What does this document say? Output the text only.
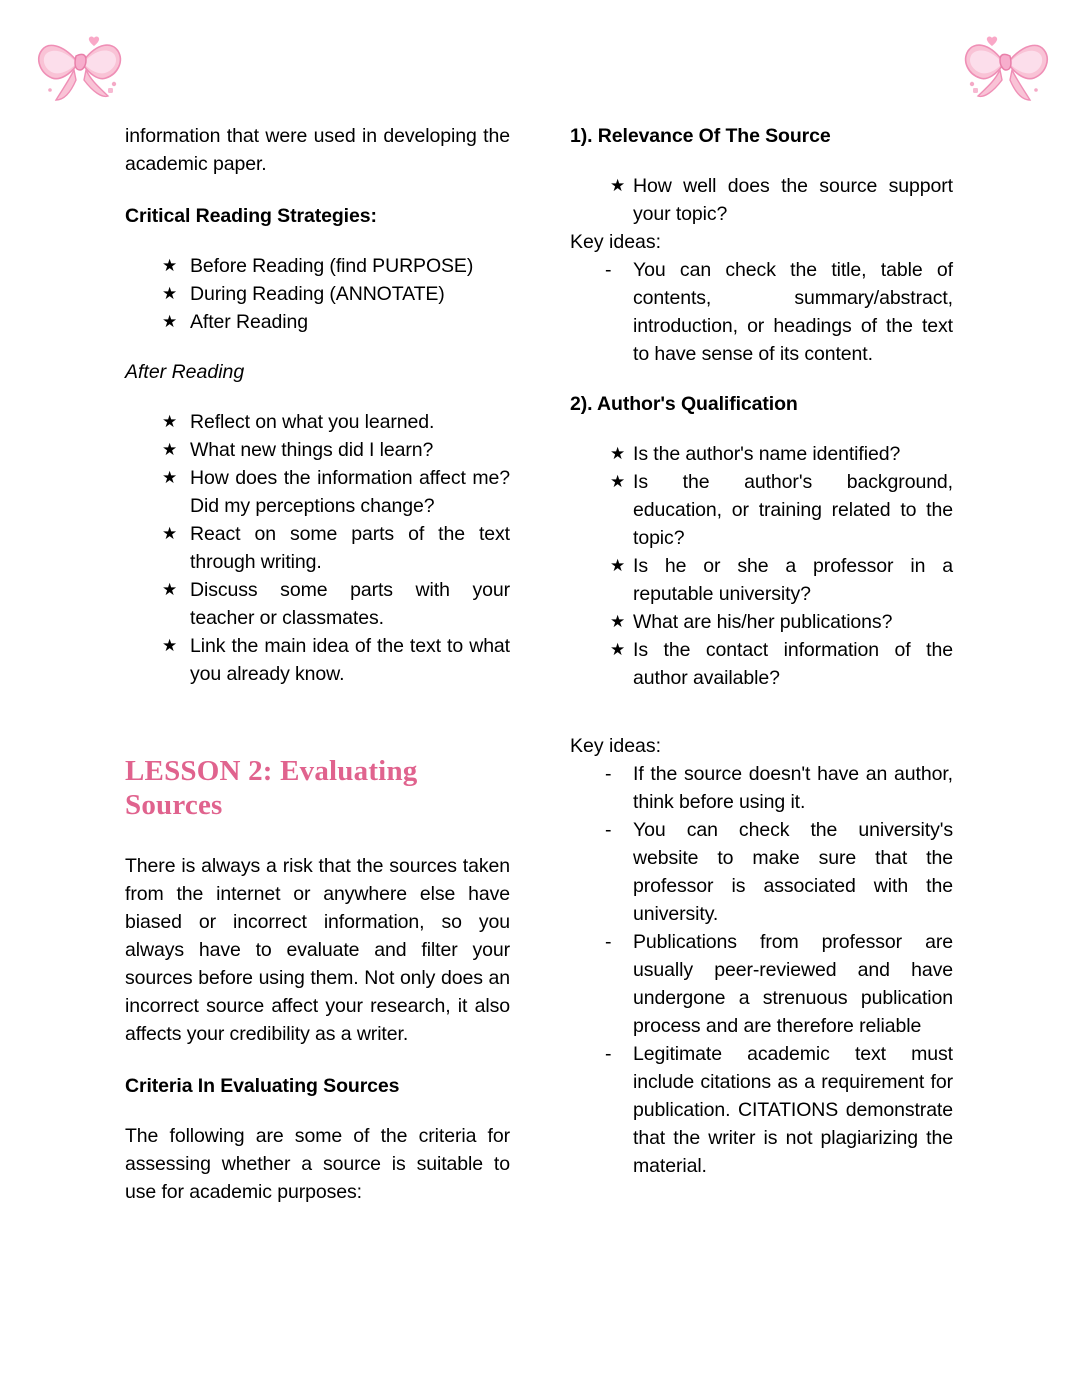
information that were used in developing the academic paper.

Critical Reading Strategies:
★ Before Reading (find PURPOSE)
★ During Reading (ANNOTATE)
★ After Reading
After Reading
★ Reflect on what you learned.
★ What new things did I learn?
★ How does the information affect me? Did my perceptions change?
★ React on some parts of the text through writing.
★ Discuss some parts with your teacher or classmates.
★ Link the main idea of the text to what you already know.
LESSON 2: Evaluating Sources

There is always a risk that the sources taken from the internet or anywhere else have biased or incorrect information, so you always have to evaluate and filter your sources before using them. Not only does an incorrect source affect your research, it also affects your credibility as a writer.

Criteria In Evaluating Sources

The following are some of the criteria for assessing whether a source is suitable to use for academic purposes:

1). Relevance Of The Source
★ How well does the source support your topic?
Key ideas:
- You can check the title, table of contents, summary/abstract, introduction, or headings of the text to have sense of its content.
2). Author's Qualification
★ Is the author's name identified?
★ Is the author's background, education, or training related to the topic?
★ Is he or she a professor in a reputable university?
★ What are his/her publications?
★ Is the contact information of the author available?
Key ideas:
- If the source doesn't have an author, think before using it.
- You can check the university's website to make sure that the professor is associated with the university.
- Publications from professor are usually peer-reviewed and have undergone a strenuous publication process and are therefore reliable
- Legitimate academic text must include citations as a requirement for publication. CITATIONS demonstrate that the writer is not plagiarizing the material.
